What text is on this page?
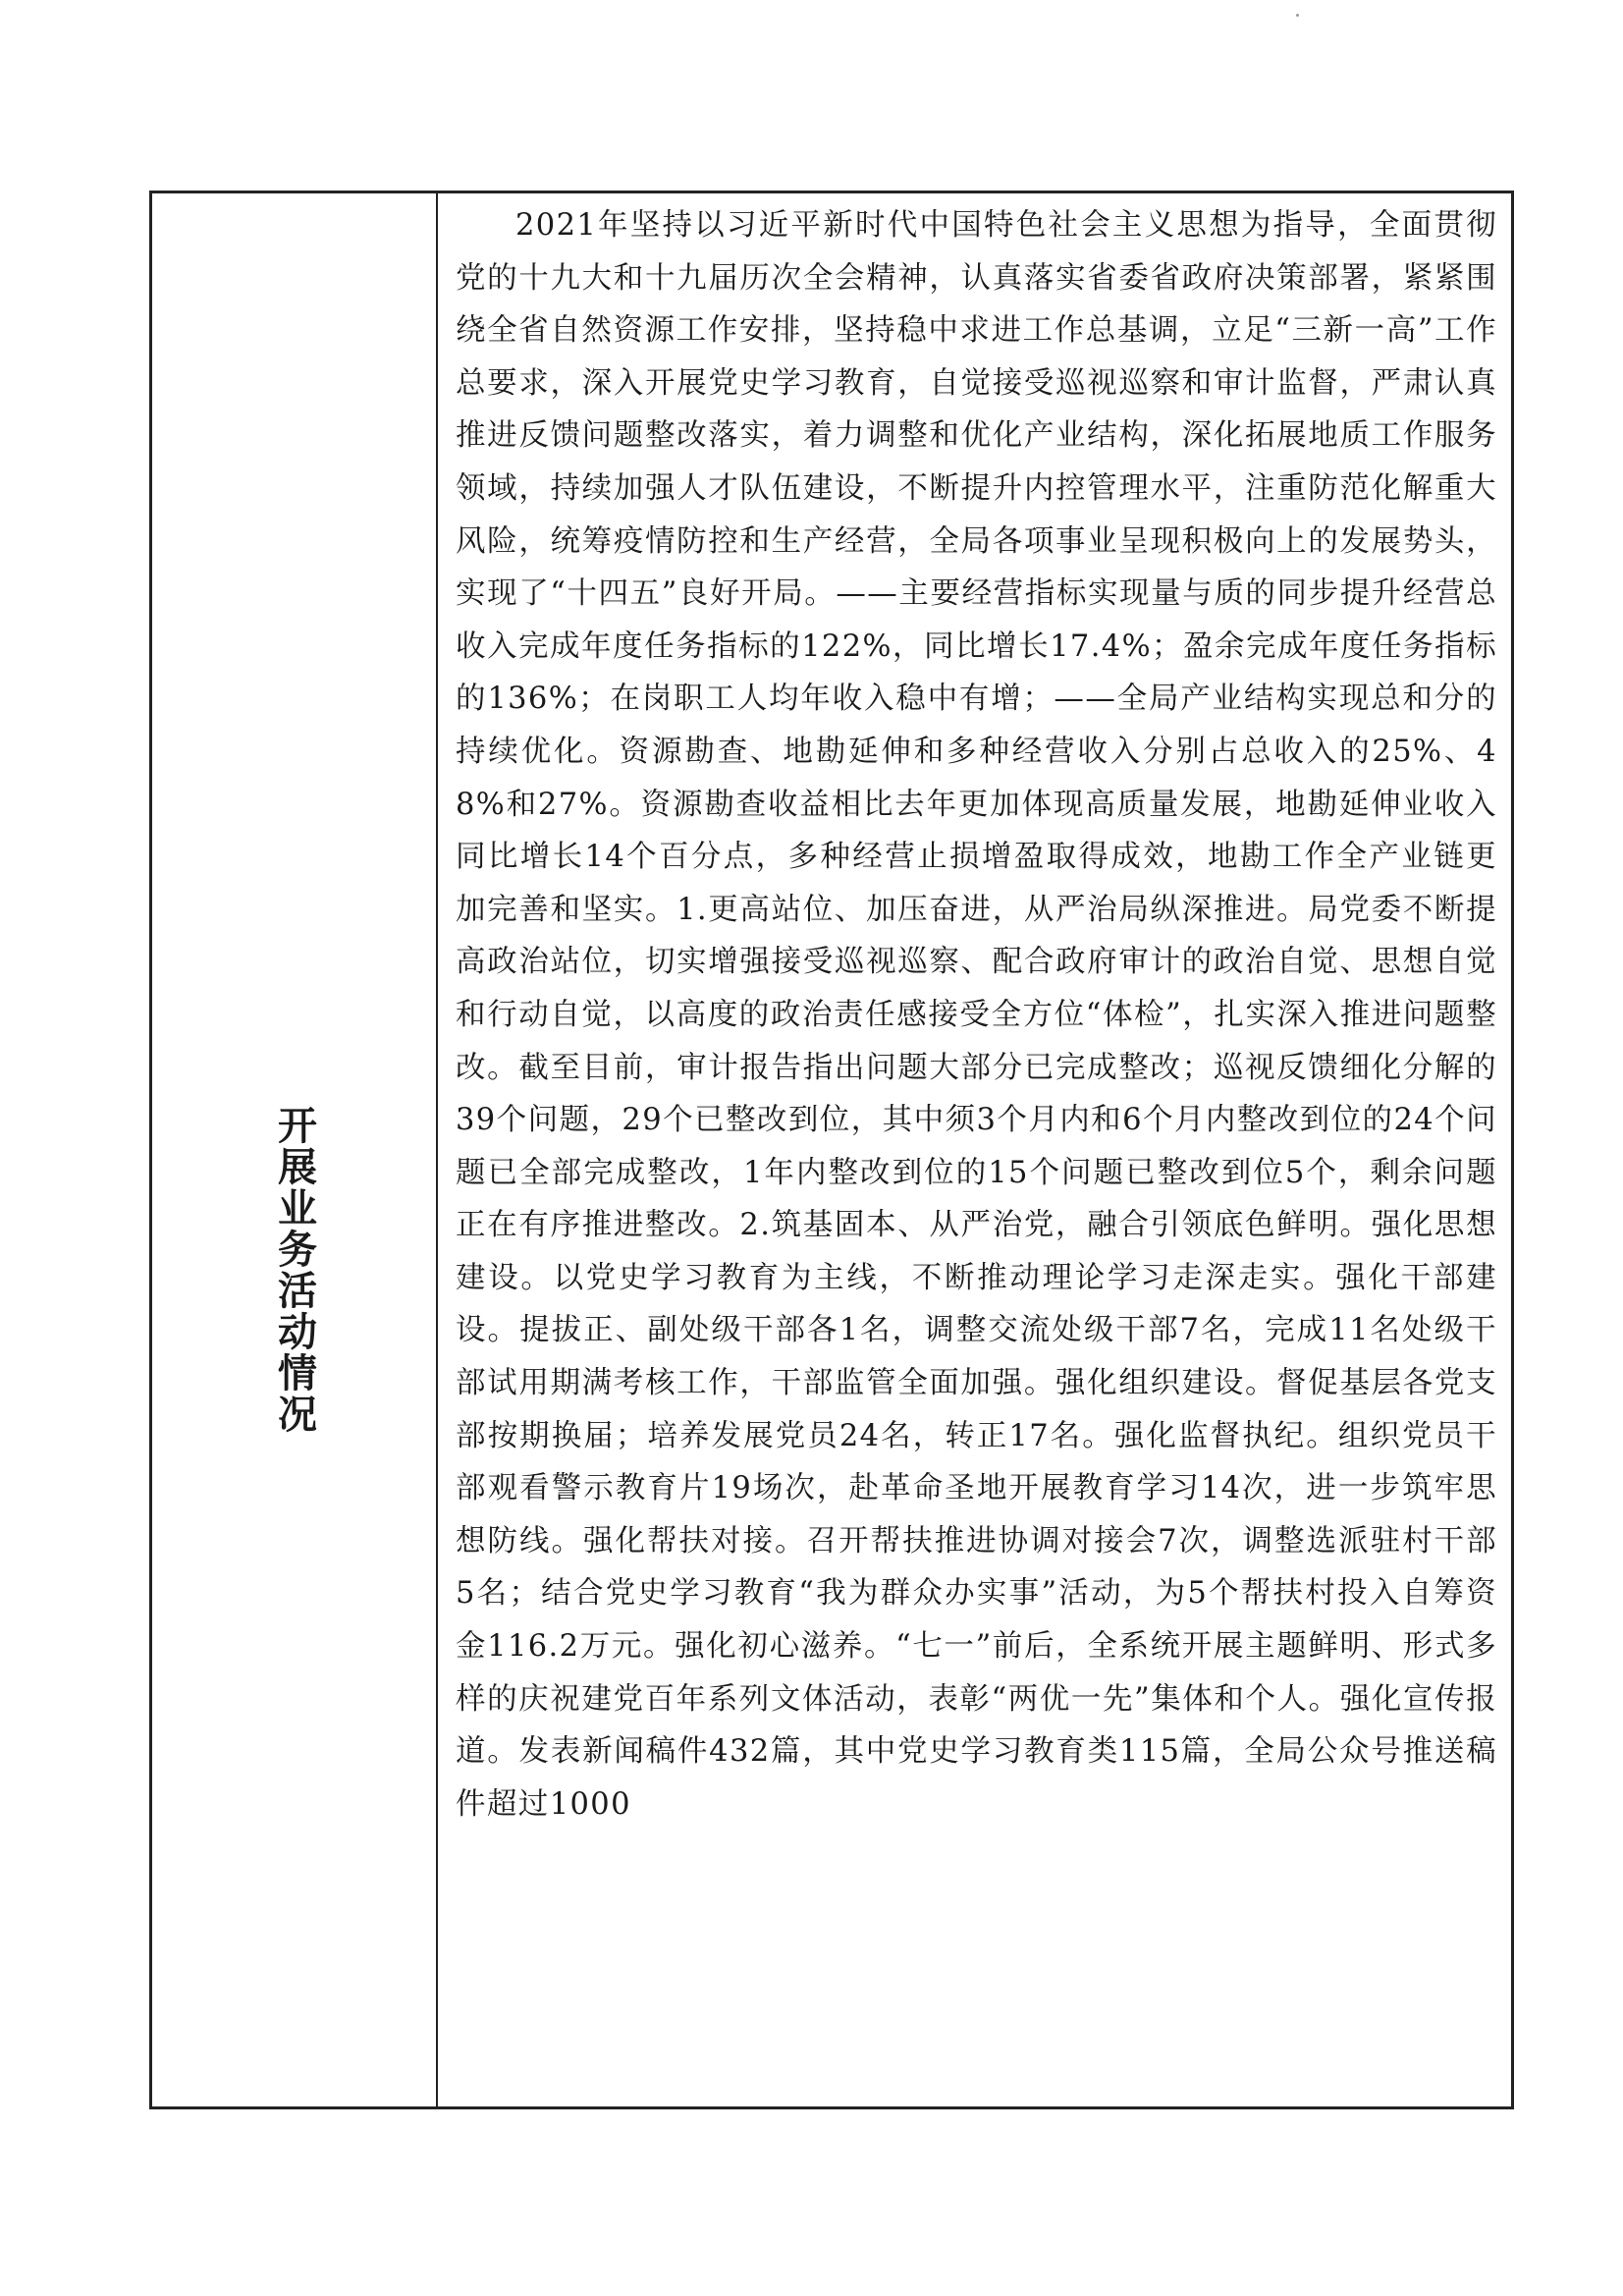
开展业务活动情况

2021年坚持以习近平新时代中国特色社会主义思想为指导，全面贯彻党的十九大和十九届历次全会精神，认真落实省委省政府决策部署，紧紧围绕全省自然资源工作安排，坚持稳中求进工作总基调，立足“三新一高”工作总要求，深入开展党史学习教育，自觉接受巡视巡察和审计监督，严肃认真推进反馈问题整改落实，着力调整和优化产业结构，深化拓展地质工作服务领域，持续加强人才队伍建设，不断提升内控管理水平，注重防范化解重大风险，统筹疫情防控和生产经营，全局各项事业呈现积极向上的发展势头，实现了“十四五”良好开局。——主要经营指标实现量与质的同步提升经营总收入完成年度任务指标的122%，同比增长17.4%；盈余完成年度任务指标的136%；在岗职工人均年收入稳中有增；——全局产业结构实现总和分的持续优化。资源勘查、地勘延伸和多种经营收入分别占总收入的25%、48%和27%。资源勘查收益相比去年更加体现高质量发展，地勘延伸业收入同比增长14个百分点，多种经营止损增盈取得成效，地勘工作全产业链更加完善和坚实。1.更高站位、加压奋进，从严治局纵深推进。局党委不断提高政治站位，切实增强接受巡视巡察、配合政府审计的政治自觉、思想自觉和行动自觉，以高度的政治责任感接受全方位“体检”，扎实深入推进问题整改。截至目前，审计报告指出问题大部分已完成整改；巡视反馈细化分解的39个问题，29个已整改到位，其中须3个月内和6个月内整改到位的24个问题已全部完成整改，1年内整改到位的15个问题已整改到位5个，剩余问题正在有序推进整改。2.筑基固本、从严治党，融合引领底色鲜明。强化思想建设。以党史学习教育为主线，不断推动理论学习走深走实。强化干部建设。提拔正、副处级干部各1名，调整交流处级干部7名，完成11名处级干部试用期满考核工作，干部监管全面加强。强化组织建设。督促基层各党支部按期换届；培养发展党员24名，转正17名。强化监督执纪。组织党员干部观看警示教育片19场次，赴革命圣地开展教育学习14次，进一步筑牢思想防线。强化帮扶对接。召开帮扶推进协调对接会7次，调整选派驻村干部5名；结合党史学习教育“我为群众办实事”活动，为5个帮扶村投入自筹资金116.2万元。强化初心滋养。“七一”前后，全系统开展主题鲜明、形式多样的庆祝建党百年系列文体活动，表彰“两优一先”集体和个人。强化宣传报道。发表新闻稿件432篇，其中党史学习教育类115篇，全局公众号推送稿件超过1000
